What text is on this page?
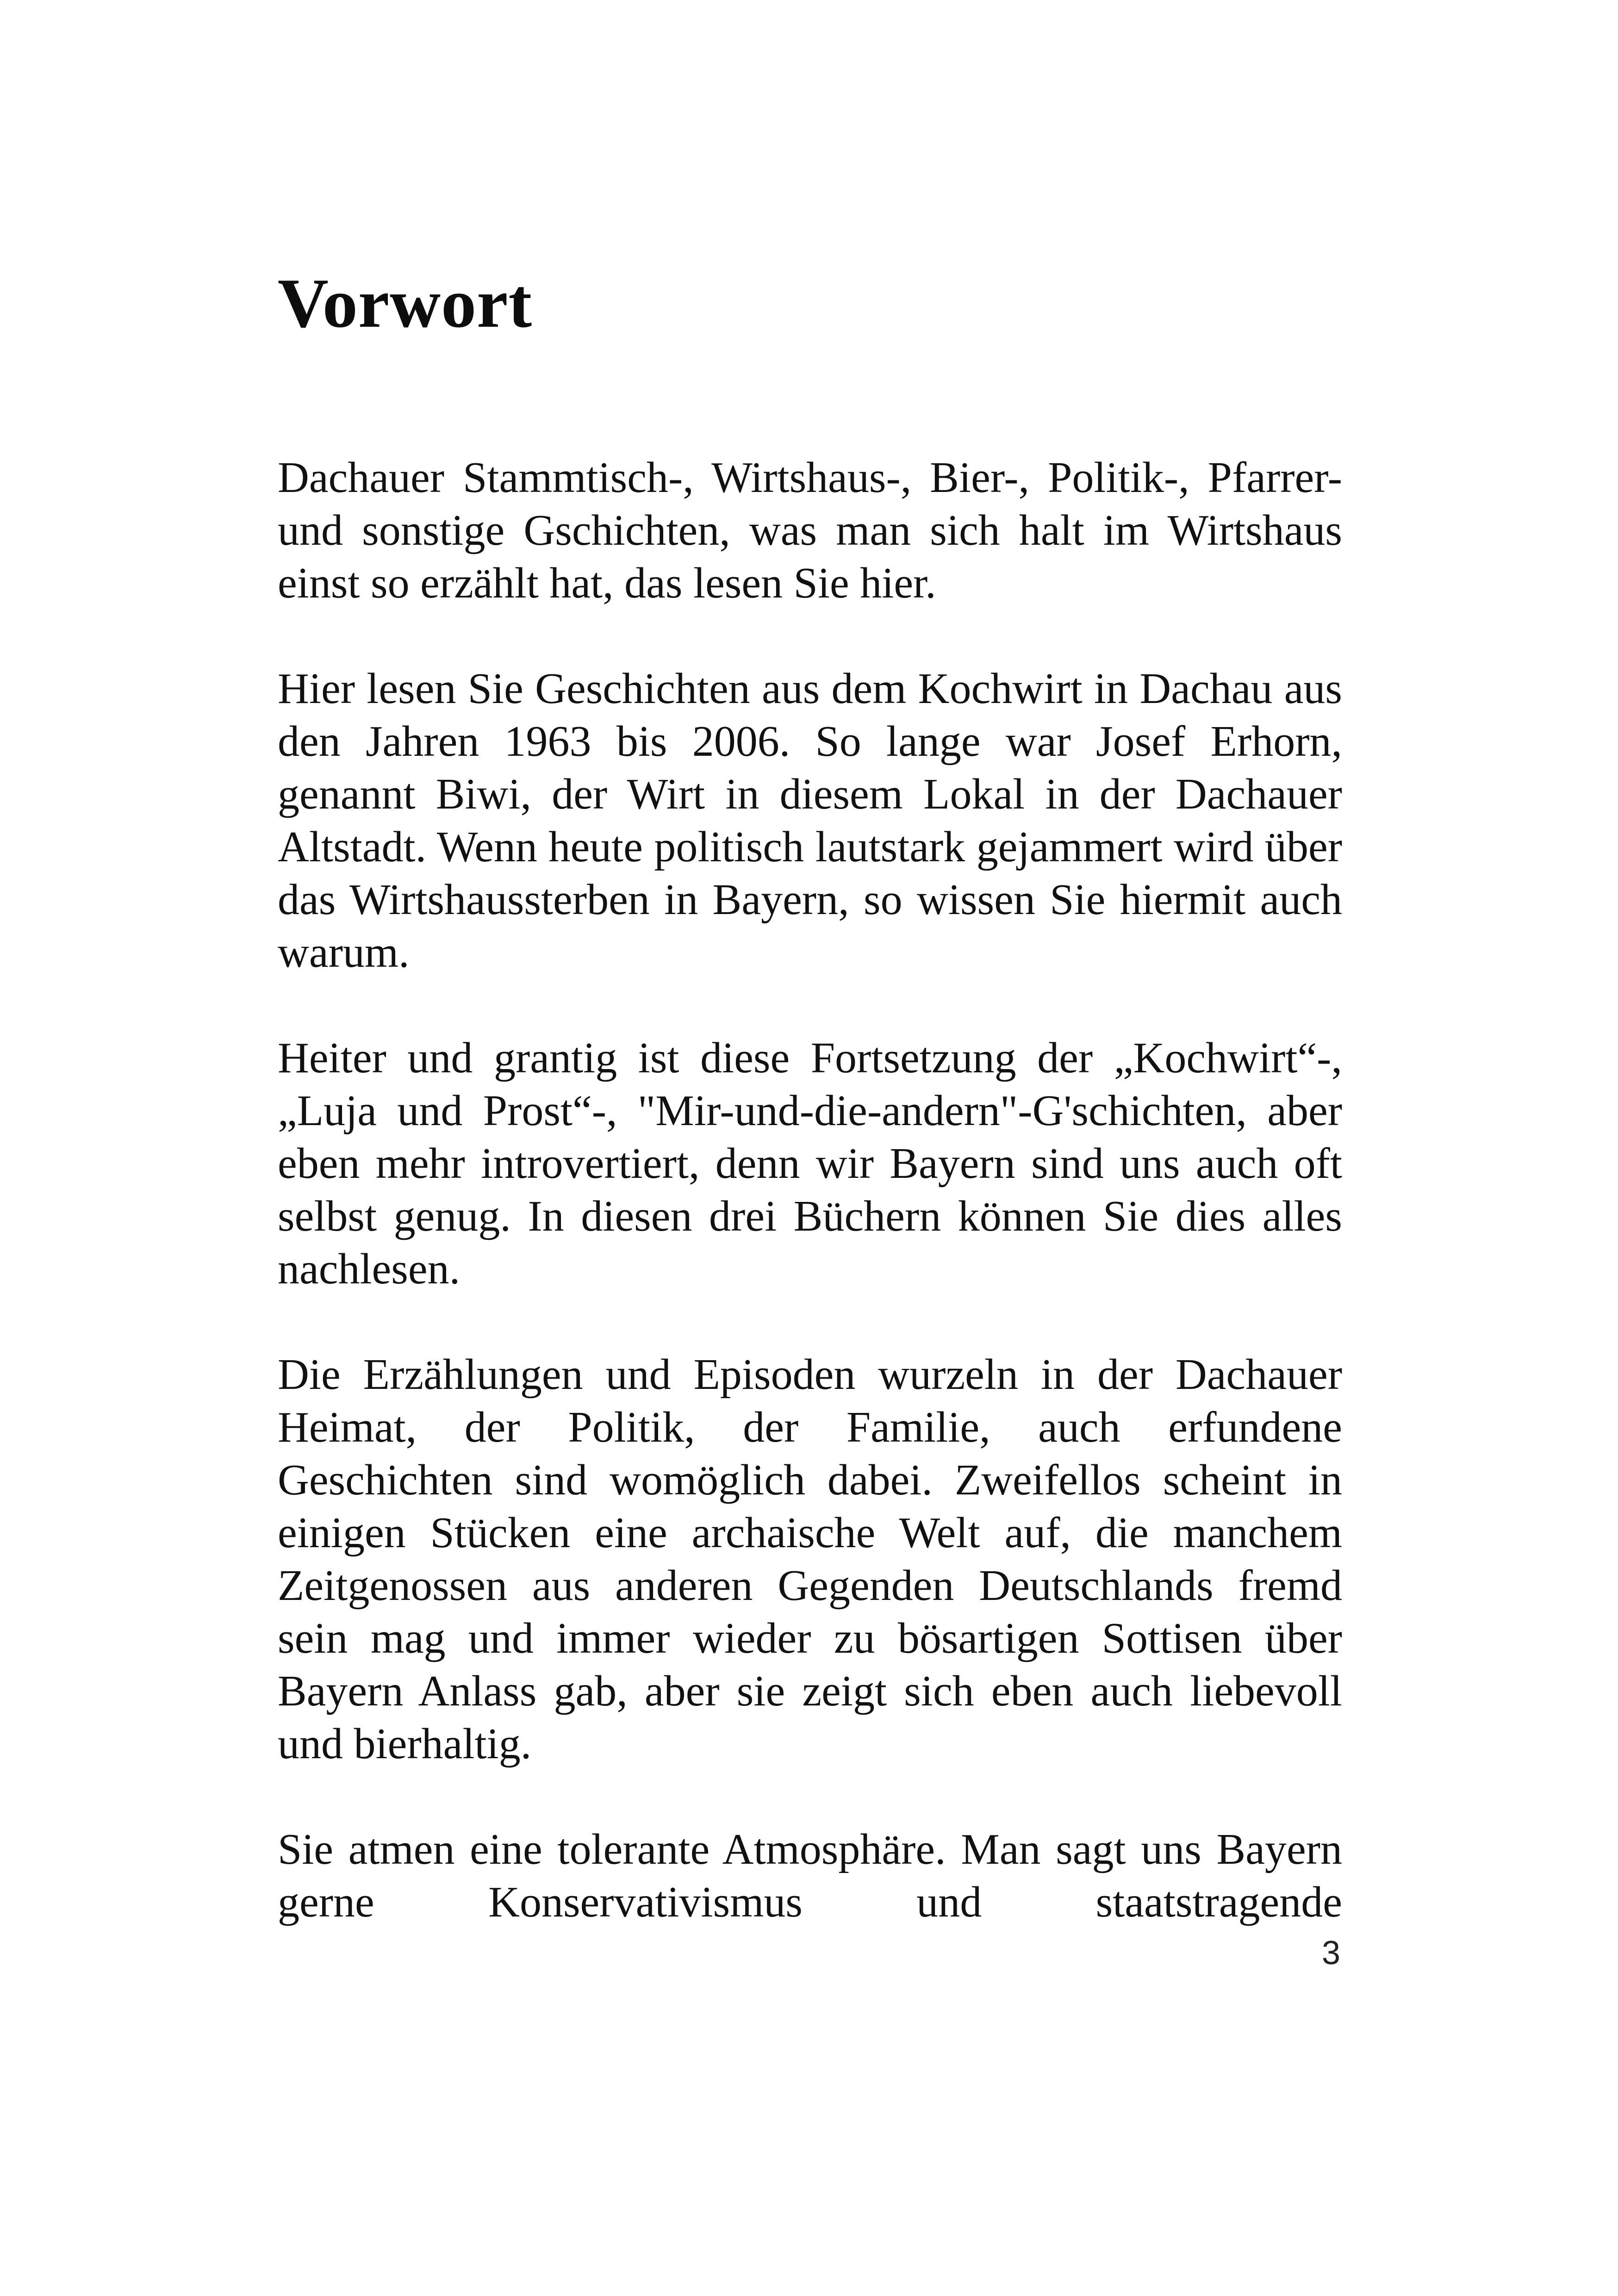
Vorwort

Dachauer Stammtisch-, Wirtshaus-, Bier-, Politik-, Pfarrer- und sonstige Gschichten, was man sich halt im Wirtshaus einst so erzählt hat, das lesen Sie hier.

Hier lesen Sie Geschichten aus dem Kochwirt in Dachau aus den Jahren 1963 bis 2006. So lange war Josef Erhorn, genannt Biwi, der Wirt in diesem Lokal in der Dachauer Altstadt. Wenn heute politisch lautstark gejammert wird über das Wirtshaussterben in Bayern, so wissen Sie hiermit auch warum.

Heiter und grantig ist diese Fortsetzung der „Kochwirt“-, „Luja und Prost“-, "Mir-und-die-andern"-G'schichten, aber eben mehr introvertiert, denn wir Bayern sind uns auch oft selbst genug. In diesen drei Büchern können Sie dies alles nachlesen.

Die Erzählungen und Episoden wurzeln in der Dachauer Heimat, der Politik, der Familie, auch erfundene Geschichten sind womöglich dabei. Zweifellos scheint in einigen Stücken eine archaische Welt auf, die manchem Zeitgenossen aus anderen Gegenden Deutschlands fremd sein mag und immer wieder zu bösartigen Sottisen über Bayern Anlass gab, aber sie zeigt sich eben auch liebevoll und bierhaltig.

Sie atmen eine tolerante Atmosphäre. Man sagt uns Bayern gerne Konservativismus und staatstragende

3
